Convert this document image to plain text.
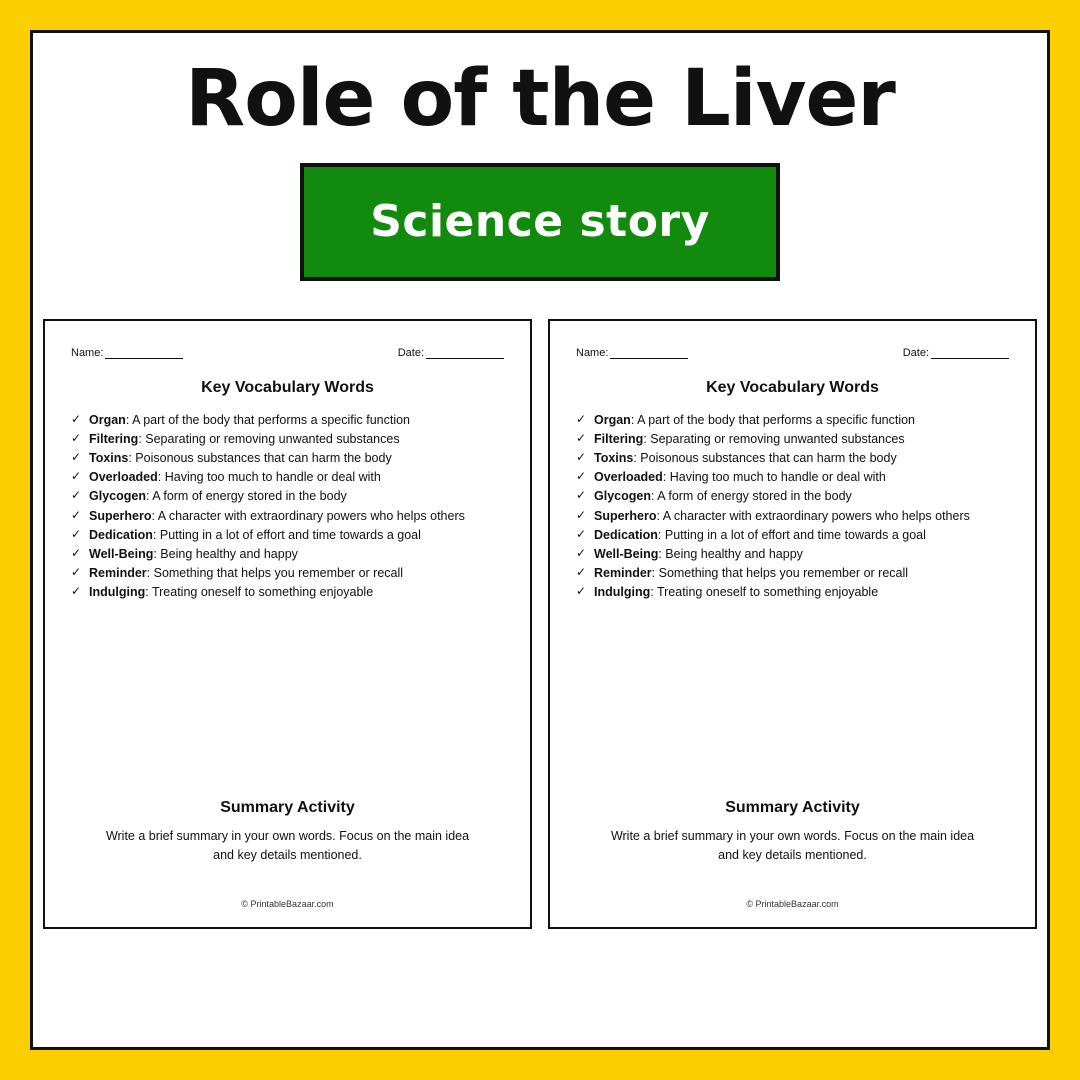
Role of the Liver
Science story
Name:	Date:
Key Vocabulary Words
✓ Organ: A part of the body that performs a specific function
✓ Filtering: Separating or removing unwanted substances
✓ Toxins: Poisonous substances that can harm the body
✓ Overloaded: Having too much to handle or deal with
✓ Glycogen: A form of energy stored in the body
✓ Superhero: A character with extraordinary powers who helps others
✓ Dedication: Putting in a lot of effort and time towards a goal
✓ Well-Being: Being healthy and happy
✓ Reminder: Something that helps you remember or recall
✓ Indulging: Treating oneself to something enjoyable
Summary Activity
Write a brief summary in your own words. Focus on the main idea and key details mentioned.
© PrintableBazaar.com
Name:	Date:
Key Vocabulary Words
✓ Organ: A part of the body that performs a specific function
✓ Filtering: Separating or removing unwanted substances
✓ Toxins: Poisonous substances that can harm the body
✓ Overloaded: Having too much to handle or deal with
✓ Glycogen: A form of energy stored in the body
✓ Superhero: A character with extraordinary powers who helps others
✓ Dedication: Putting in a lot of effort and time towards a goal
✓ Well-Being: Being healthy and happy
✓ Reminder: Something that helps you remember or recall
✓ Indulging: Treating oneself to something enjoyable
Summary Activity
Write a brief summary in your own words. Focus on the main idea and key details mentioned.
© PrintableBazaar.com
